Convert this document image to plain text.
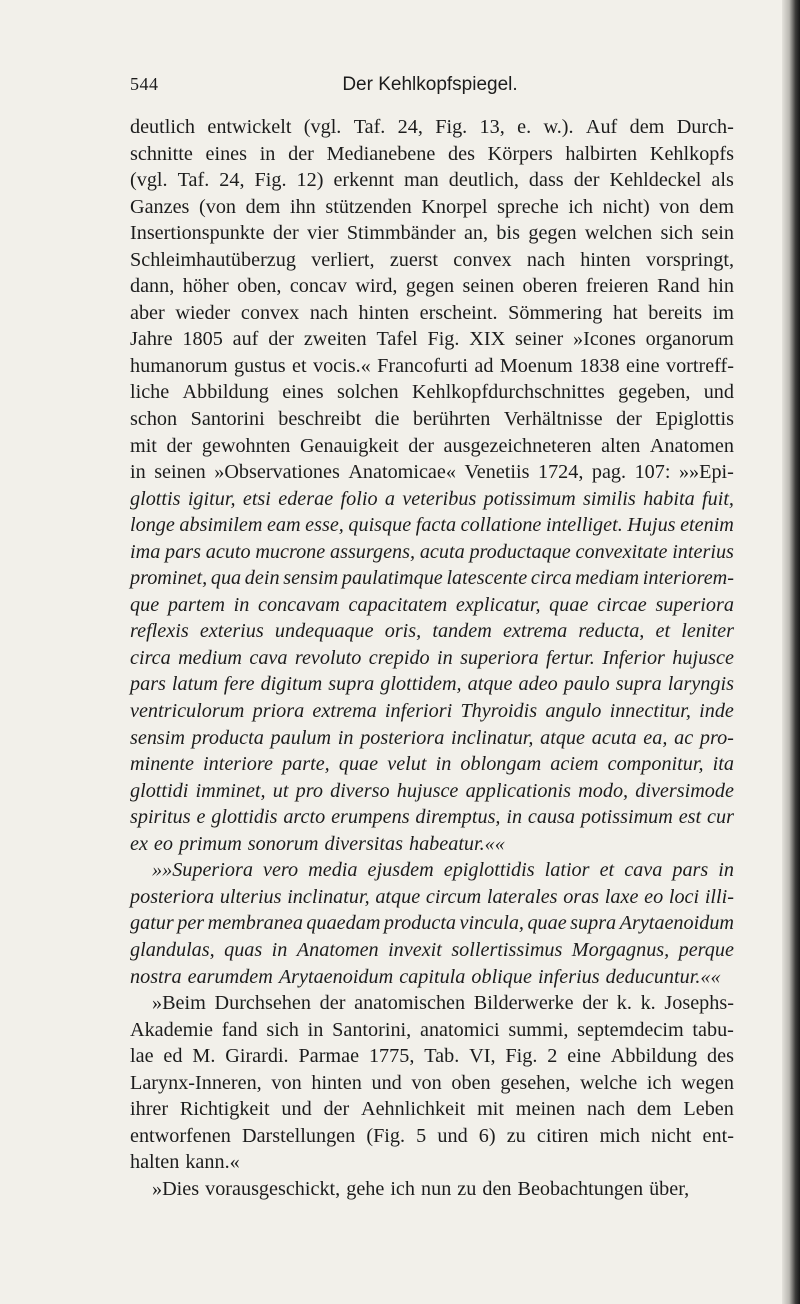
544	Der Kehlkopfspiegel.
deutlich entwickelt (vgl. Taf. 24, Fig. 13, e. w.). Auf dem Durch-
schnitte eines in der Medianebene des Körpers halbirten Kehlkopfs
(vgl. Taf. 24, Fig. 12) erkennt man deutlich, dass der Kehldeckel als
Ganzes (von dem ihn stützenden Knorpel spreche ich nicht) von dem
Insertionspunkte der vier Stimmbänder an, bis gegen welchen sich sein
Schleimhautüberzug verliert, zuerst convex nach hinten vorspringt,
dann, höher oben, concav wird, gegen seinen oberen freieren Rand hin
aber wieder convex nach hinten erscheint. Sömmering hat bereits im
Jahre 1805 auf der zweiten Tafel Fig. XIX seiner »Icones organorum
humanorum gustus et vocis.« Francofurti ad Moenum 1838 eine vortreff-
liche Abbildung eines solchen Kehlkopfdurchschnittes gegeben, und
schon Santorini beschreibt die berührten Verhältnisse der Epiglottis
mit der gewohnten Genauigkeit der ausgezeichneteren alten Anatomen
in seinen »Observationes Anatomicae« Venetiis 1724, pag. 107: »»Epi-
glottis igitur, etsi ederae folio a veteribus potissimum similis habita fuit,
longe absimilem eam esse, quisque facta collatione intelliget. Hujus etenim
ima pars acuto mucrone assurgens, acuta productaque convexitate interius
prominet, qua dein sensim paulatimque latescente circa mediam interiorem-
que partem in concavam capacitatem explicatur, quae circae superiora
reflexis exterius undequaque oris, tandem extrema reducta, et leniter
circa medium cava revoluto crepido in superiora fertur. Inferior hujusce
pars latum fere digitum supra glottidem, atque adeo paulo supra laryngis
ventriculorum priora extrema inferiori Thyroidis angulo innectitur, inde
sensim producta paulum in posteriora inclinatur, atque acuta ea, ac pro-
minente interiore parte, quae velut in oblongam aciem componitur, ita
glottidi imminet, ut pro diverso hujusce applicationis modo, diversimode
spiritus e glottidis arcto erumpens diremptus, in causa potissimum est cur
ex eo primum sonorum diversitas habeatur.««
»»Superiora vero media ejusdem epiglottidis latior et cava pars in
posteriora ulterius inclinatur, atque circum laterales oras laxe eo loci illi-
gatur per membranea quaedam producta vincula, quae supra Arytaenoidum
glandulas, quas in Anatomen invexit sollertissimus Morgagnus, perque
nostra earumdem Arytaenoidum capitula oblique inferius deducuntur.««
»Beim Durchsehen der anatomischen Bilderwerke der k. k. Josephs-
Akademie fand sich in Santorini, anatomici summi, septemdecim tabu-
lae ed M. Girardi. Parmae 1775, Tab. VI, Fig. 2 eine Abbildung des
Larynx-Inneren, von hinten und von oben gesehen, welche ich wegen
ihrer Richtigkeit und der Aehnlichkeit mit meinen nach dem Leben
entworfenen Darstellungen (Fig. 5 und 6) zu citiren mich nicht ent-
halten kann.«
»Dies vorausgeschickt, gehe ich nun zu den Beobachtungen über,
